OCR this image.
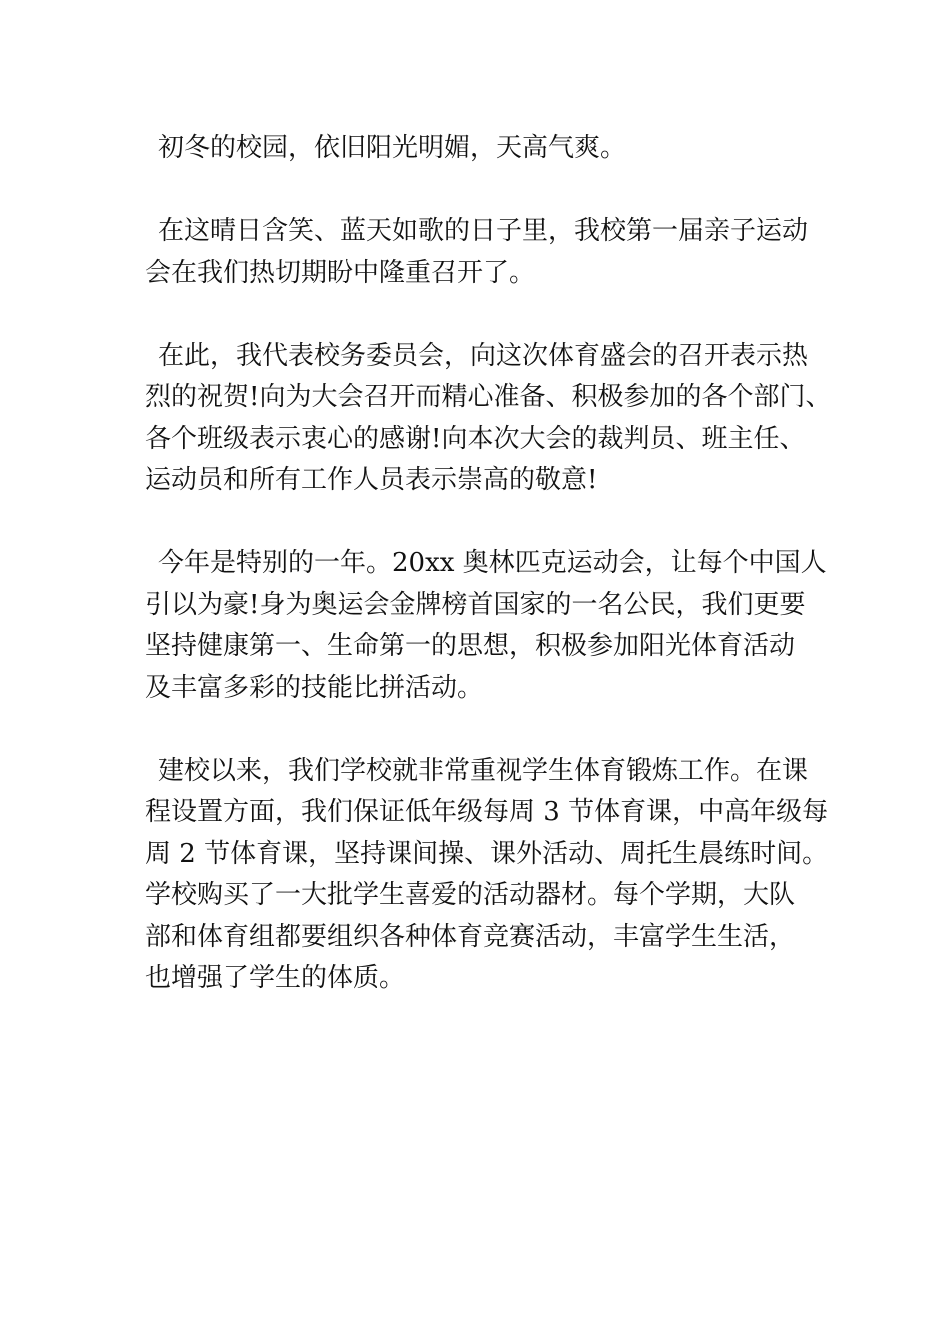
初冬的校园，依旧阳光明媚，天高气爽。
在这晴日含笑、蓝天如歌的日子里，我校第一届亲子运动
会在我们热切期盼中隆重召开了。
在此，我代表校务委员会，向这次体育盛会的召开表示热
烈的祝贺!向为大会召开而精心准备、积极参加的各个部门、
各个班级表示衷心的感谢!向本次大会的裁判员、班主任、
运动员和所有工作人员表示崇高的敬意!
今年是特别的一年。20xx 奥林匹克运动会，让每个中国人
引以为豪!身为奥运会金牌榜首国家的一名公民，我们更要
坚持健康第一、生命第一的思想，积极参加阳光体育活动
及丰富多彩的技能比拼活动。
建校以来，我们学校就非常重视学生体育锻炼工作。在课
程设置方面，我们保证低年级每周 3 节体育课，中高年级每
周 2 节体育课，坚持课间操、课外活动、周托生晨练时间。
学校购买了一大批学生喜爱的活动器材。每个学期，大队
部和体育组都要组织各种体育竞赛活动，丰富学生生活，
也增强了学生的体质。
